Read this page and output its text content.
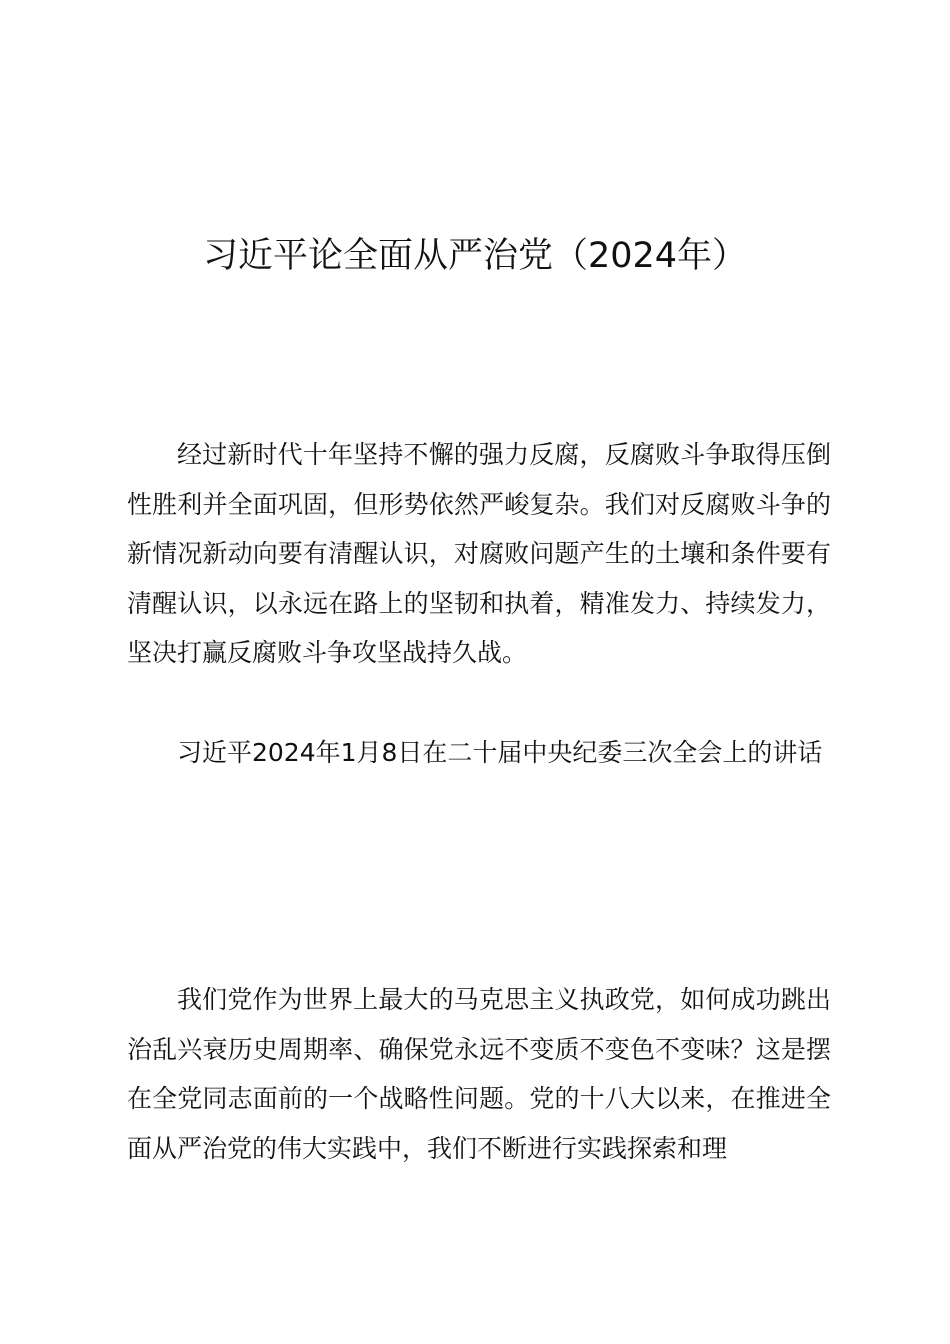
习近平论全面从严治党（2024年）

经过新时代十年坚持不懈的强力反腐，反腐败斗争取得压倒性胜利并全面巩固，但形势依然严峻复杂。我们对反腐败斗争的新情况新动向要有清醒认识，对腐败问题产生的土壤和条件要有清醒认识，以永远在路上的坚韧和执着，精准发力、持续发力，坚决打赢反腐败斗争攻坚战持久战。

习近平2024年1月8日在二十届中央纪委三次全会上的讲话

我们党作为世界上最大的马克思主义执政党，如何成功跳出治乱兴衰历史周期率、确保党永远不变质不变色不变味？这是摆在全党同志面前的一个战略性问题。党的十八大以来，在推进全面从严治党的伟大实践中，我们不断进行实践探索和理
